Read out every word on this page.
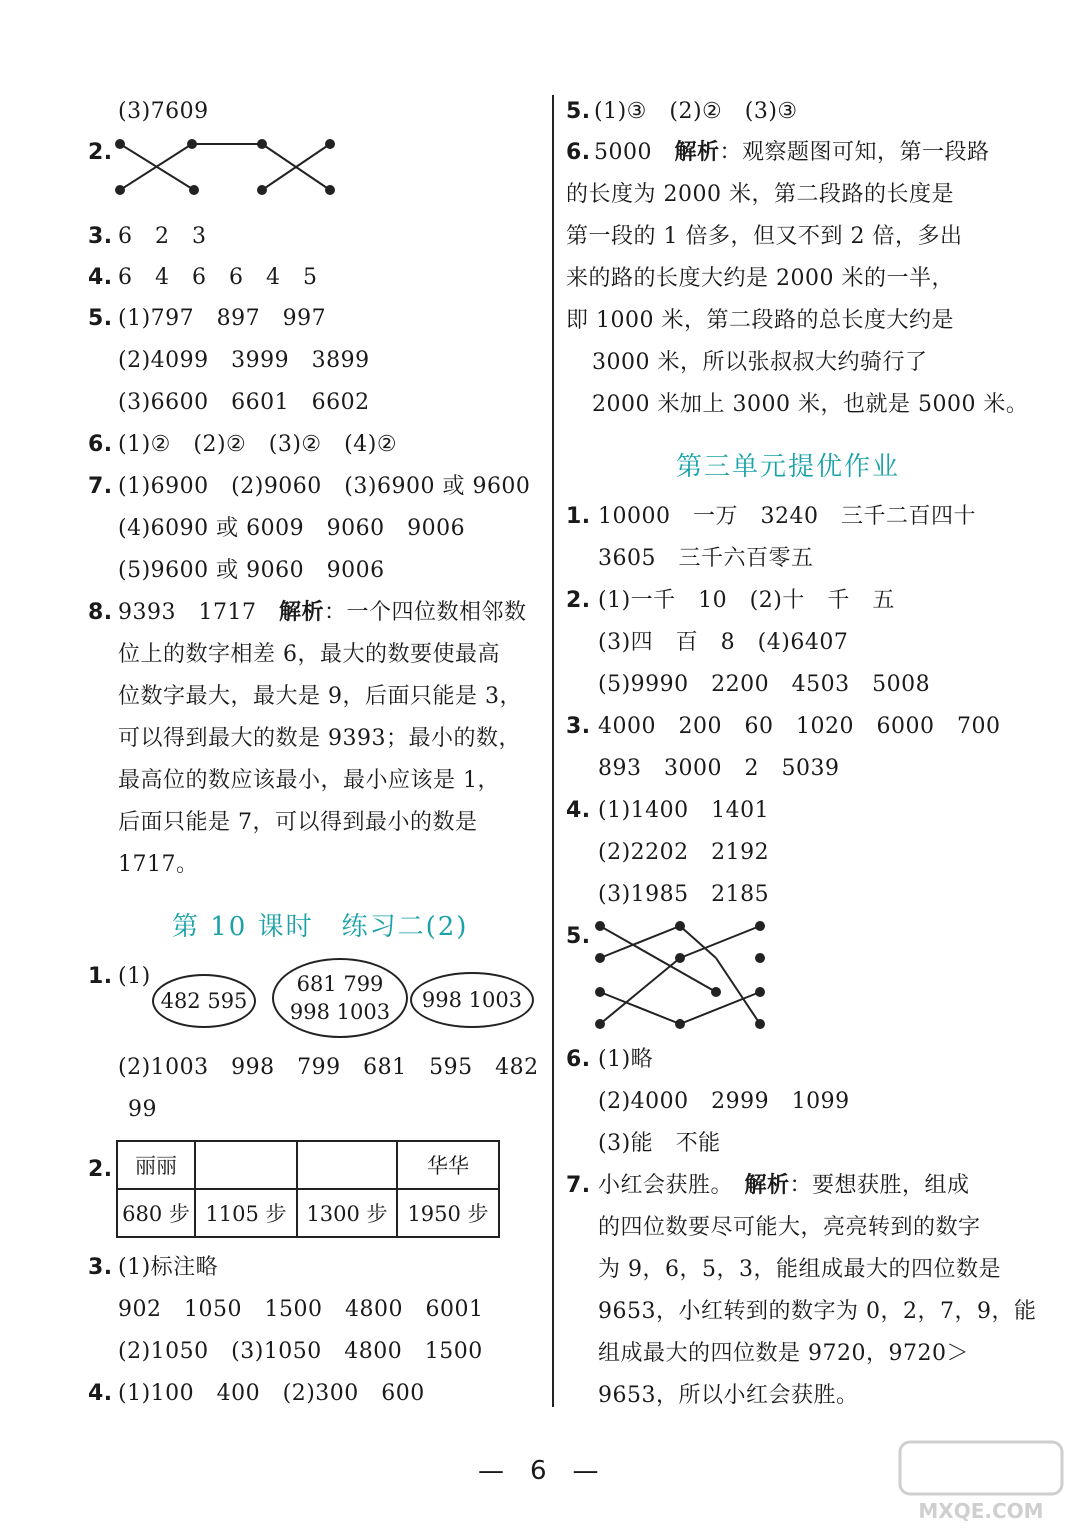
(3)7609
2.
3. 6　2　3
4. 6　4　6　6　4　5
5. (1)797　897　997
(2)4099　3999　3899
(3)6600　6601　6602
6. (1)②　(2)②　(3)②　(4)②
7. (1)6900　(2)9060　(3)6900 或 9600
(4)6090 或 6009　9060　9006
(5)9600 或 9060　9006
8. 9393　1717　解析：一个四位数相邻数
位上的数字相差 6，最大的数要使最高
位数字最大，最大是 9，后面只能是 3，
可以得到最大的数是 9393；最小的数，
最高位的数应该最小，最小应该是 1，
后面只能是 7，可以得到最小的数是
1717。
第 10 课时　练习二(2)
1. (1)
482 595
681 799
998 1003 998 1003
(2)1003　998　799　681　595　482
99
2. 丽丽			华华
680 步	1105 步	1300 步	1950 步
3. (1)标注略
902　1050　1500　4800　6001
(2)1050　(3)1050　4800　1500
4. (1)100　400　(2)300　600
5. (1)③　(2)②　(3)③
6. 5000　解析：观察题图可知，第一段路
的长度为 2000 米，第二段路的长度是
第一段的 1 倍多，但又不到 2 倍，多出
来的路的长度大约是 2000 米的一半，
即 1000 米，第二段路的总长度大约是
3000 米，所以张叔叔大约骑行了
2000 米加上 3000 米，也就是 5000 米。
第三单元提优作业
1. 10000　一万　3240　三千二百四十
3605　三千六百零五
2. (1)一千　10　(2)十　千　五
(3)四　百　8　(4)6407
(5)9990　2200　4503　5008
3. 4000　200　60　1020　6000　700
893　3000　2　5039
4. (1)1400　1401
(2)2202　2192
(3)1985　2185
5.
6. (1)略
(2)4000　2999　1099
(3)能　不能
7. 小红会获胜。　解析：要想获胜，组成
的四位数要尽可能大，亮亮转到的数字
为 9，6，5，3，能组成最大的四位数是
9653，小红转到的数字为 0，2，7，9，能
组成最大的四位数是 9720，9720＞
9653，所以小红会获胜。
—　6　—
MXQE.COM
